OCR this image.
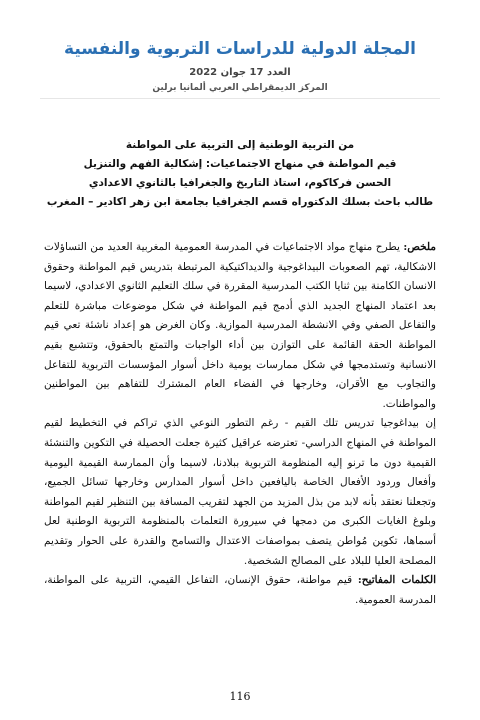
المجلة الدولية للدراسات التربوية والنفسية
العدد 17 جوان 2022
المركز الديمقراطي العربي ألمانيا برلين
من التربية الوطنية إلى التربية على المواطنة
قيم المواطنة في منهاج الاجتماعيات: إشكالية الفهم والتنزيل
الحسن فركاكوم، استاذ التاريخ والجغرافيا بالثانوي الاعدادي
طالب باحث بسلك الدكتوراه قسم الجغرافيا بجامعة ابن زهر اكادير – المغرب

ملخص: يطرح منهاج مواد الاجتماعيات في المدرسة العمومية المغربية العديد من التساؤلات الاشكالية، تهم الصعوبات البيداغوجية والديداكتيكية المرتبطة بتدريس قيم المواطنة وحقوق الانسان الكامنة بين ثنايا الكتب المدرسية المقررة في سلك التعليم الثانوي الاعدادي، لاسيما بعد اعتماد المنهاج الجديد الذي أدمج قيم المواطنة في شكل موضوعات مباشرة للتعلم والتفاعل الصفي وفي الانشطة المدرسية الموازية. وكان الغرض هو إعداد ناشئة تعي قيم المواطنة الحقة القائمة على التوازن بين أداء الواجبات والتمتع بالحقوق، وتتشبع بقيم الانسانية وتستدمجها في شكل ممارسات يومية داخل أسوار المؤسسات التربوية للتفاعل والتجاوب مع الأقران، وخارجها في الفضاء العام المشترك للتفاهم بين المواطنين والمواطنات.

إن بيداغوجيا تدريس تلك القيم - رغم التطور النوعي الذي تراكم في التخطيط لقيم المواطنة في المنهاج الدراسي- تعترضه عراقيل كثيرة جعلت الحصيلة في التكوين والتنشئة القيمية دون ما ترنو إليه المنظومة التربوية ببلادنا، لاسيما وأن الممارسة القيمية اليومية وأفعال وردود الأفعال الخاصة باليافعين داخل أسوار المدارس وخارجها تسائل الجميع، وتجعلنا نعتقد بأنه لابد من بذل المزيد من الجهد لتقريب المسافة بين التنظير لقيم المواطنة وبلوغ الغايات الكبرى من دمجها في سيرورة التعلمات بالمنظومة التربوية الوطنية لعل أسماها، تكوين مُواطن يتصف بمواصفات الاعتدال والتسامح والقدرة على الحوار وتقديم المصلحة العليا للبلاد على المصالح الشخصية.

الكلمات المفاتيح: قيم مواطنة، حقوق الإنسان، التفاعل القيمي، التربية على المواطنة، المدرسة العمومية.

116
